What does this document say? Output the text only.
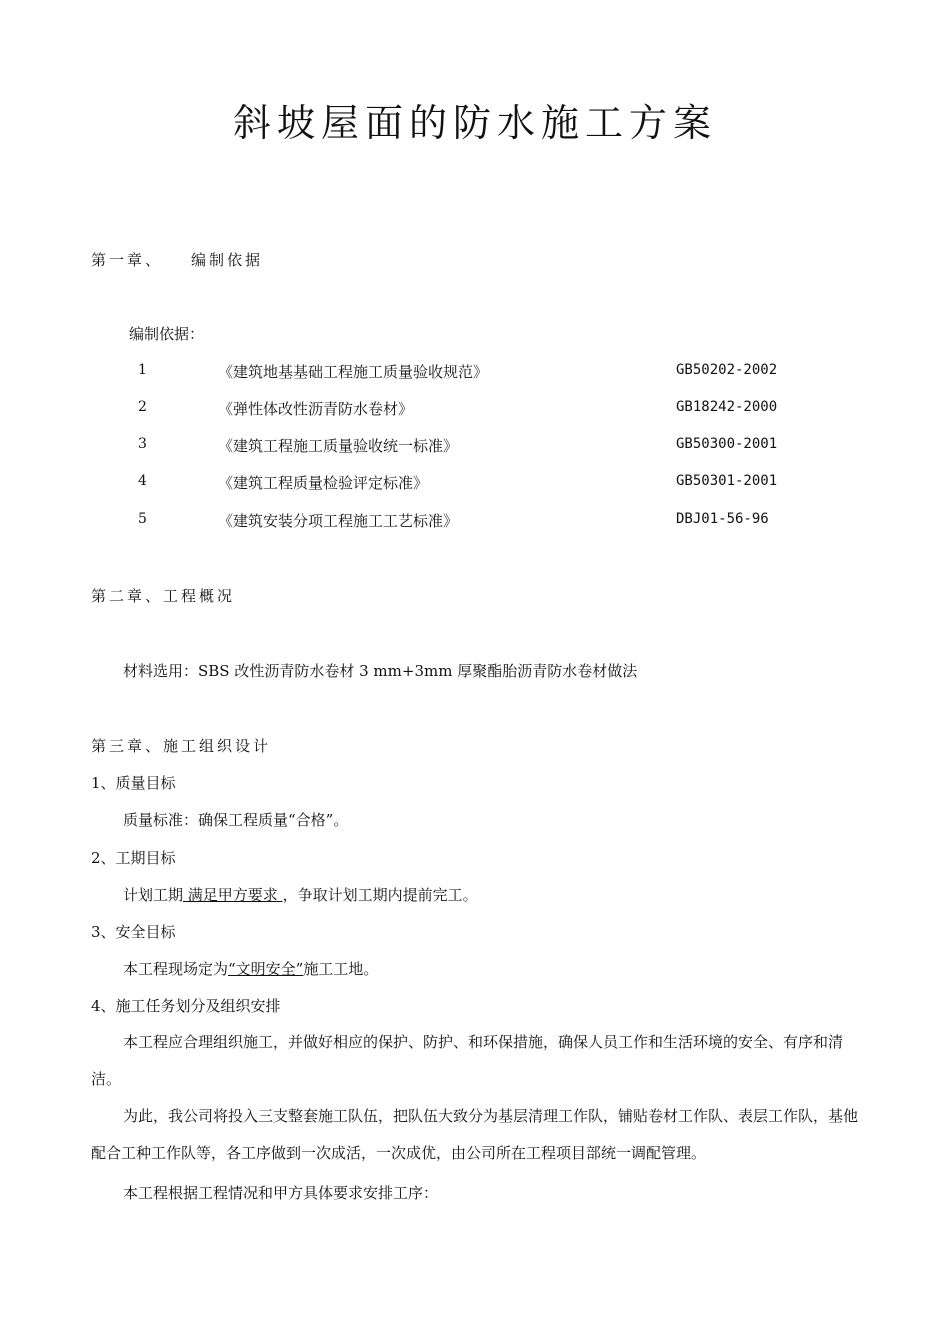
斜坡屋面的防水施工方案
第一章、 编制依据
编制依据：
1	《建筑地基基础工程施工质量验收规范》	GB50202-2002
2	《弹性体改性沥青防水卷材》	GB18242-2000
3	《建筑工程施工质量验收统一标准》	GB50300-2001
4	《建筑工程质量检验评定标准》	GB50301-2001
5	《建筑安装分项工程施工工艺标准》	DBJ01-56-96
第二章、工程概况
材料选用：SBS 改性沥青防水卷材 3 mm+3mm 厚聚酯胎沥青防水卷材做法
第三章、施工组织设计
1、质量目标
质量标准：确保工程质量“合格”。
2、工期目标
计划工期 满足甲方要求 ，争取计划工期内提前完工。
3、安全目标
本工程现场定为“文明安全”施工工地。
4、施工任务划分及组织安排
本工程应合理组织施工，并做好相应的保护、防护、和环保措施，确保人员工作和生活环境的安全、有序和清洁。
为此，我公司将投入三支整套施工队伍，把队伍大致分为基层清理工作队，铺贴卷材工作队、表层工作队，基他配合工种工作队等，各工序做到一次成活，一次成优，由公司所在工程项目部统一调配管理。
本工程根据工程情况和甲方具体要求安排工序：
